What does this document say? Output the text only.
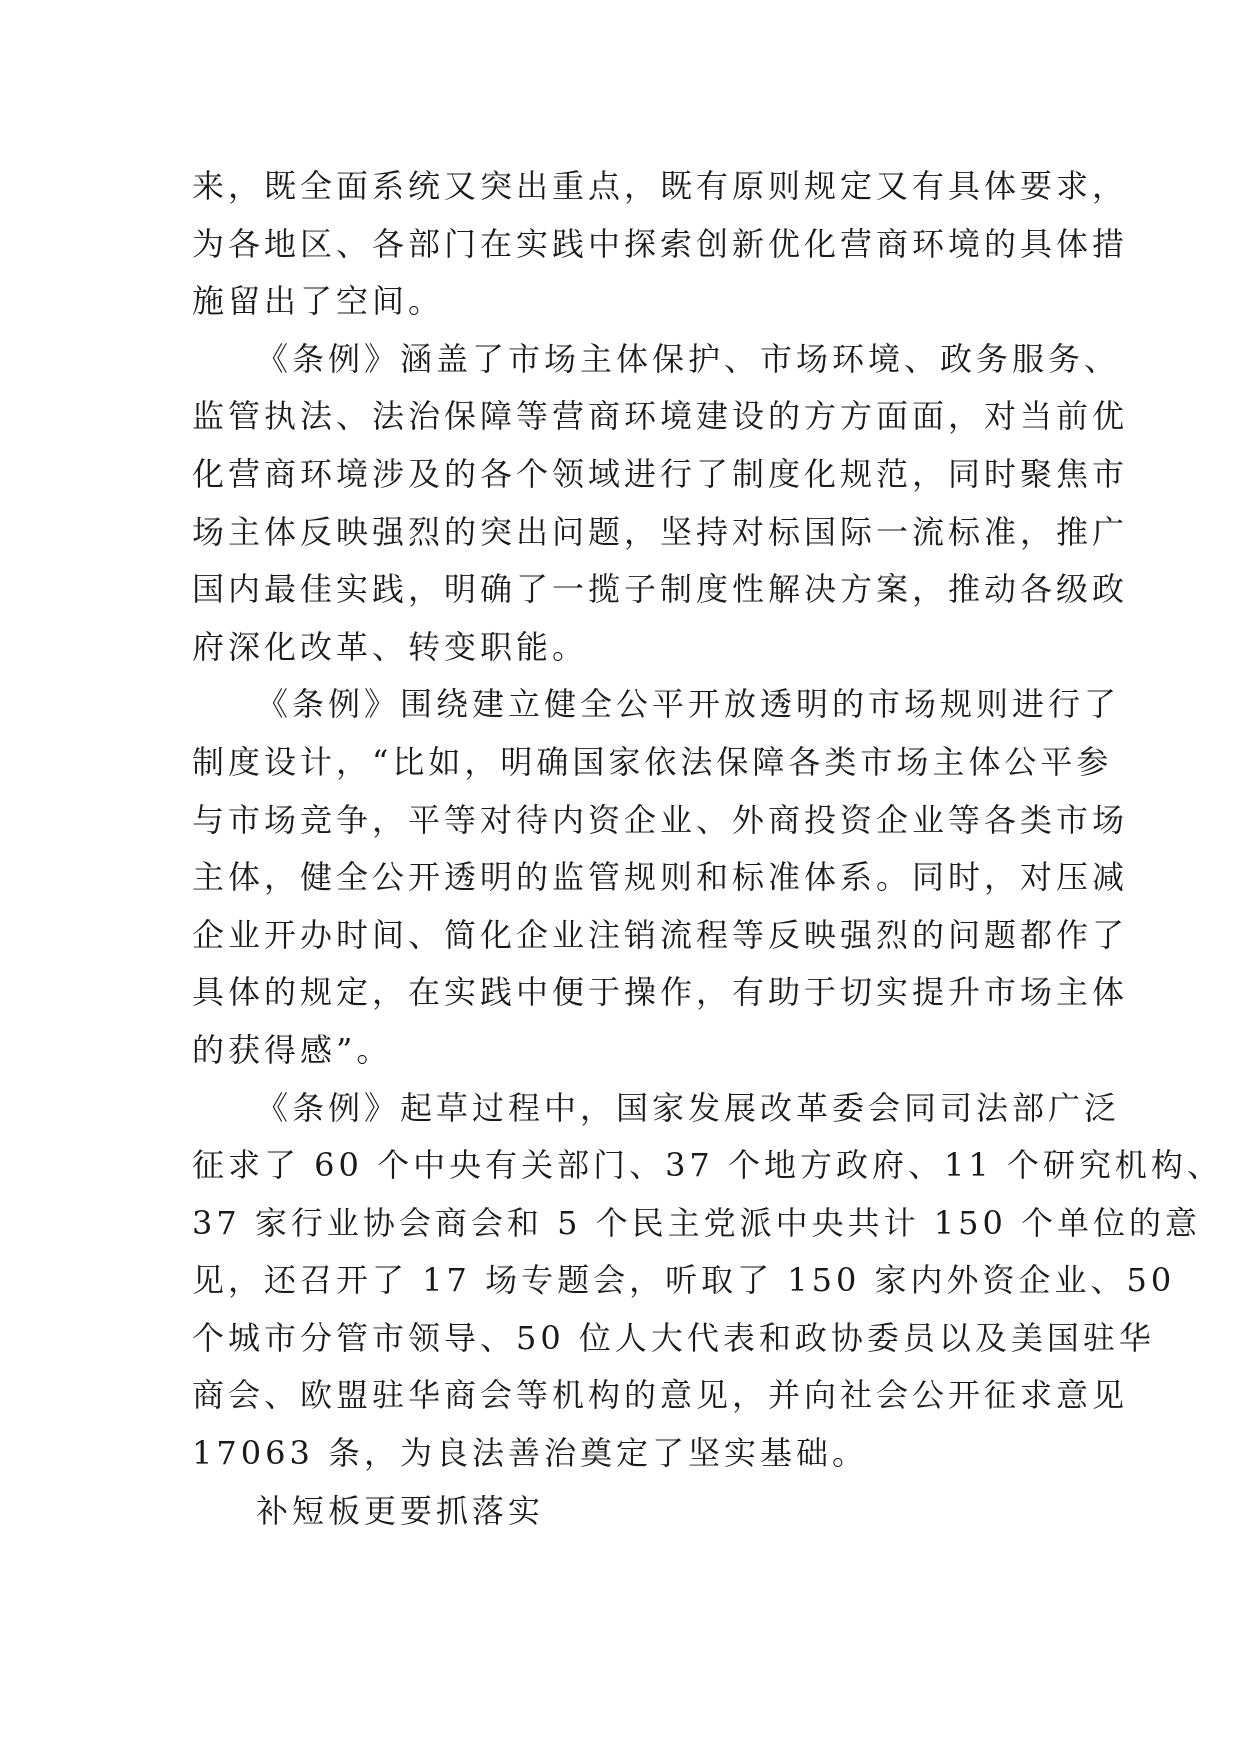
来，既全面系统又突出重点，既有原则规定又有具体要求，
为各地区、各部门在实践中探索创新优化营商环境的具体措
施留出了空间。
《条例》涵盖了市场主体保护、市场环境、政务服务、
监管执法、法治保障等营商环境建设的方方面面，对当前优
化营商环境涉及的各个领域进行了制度化规范，同时聚焦市
场主体反映强烈的突出问题，坚持对标国际一流标准，推广
国内最佳实践，明确了一揽子制度性解决方案，推动各级政
府深化改革、转变职能。
《条例》围绕建立健全公平开放透明的市场规则进行了
制度设计，“比如，明确国家依法保障各类市场主体公平参
与市场竞争，平等对待内资企业、外商投资企业等各类市场
主体，健全公开透明的监管规则和标准体系。同时，对压减
企业开办时间、简化企业注销流程等反映强烈的问题都作了
具体的规定，在实践中便于操作，有助于切实提升市场主体
的获得感”。
《条例》起草过程中，国家发展改革委会同司法部广泛
征求了 60 个中央有关部门、37 个地方政府、11 个研究机构、
37 家行业协会商会和 5 个民主党派中央共计 150 个单位的意
见，还召开了 17 场专题会，听取了 150 家内外资企业、50
个城市分管市领导、50 位人大代表和政协委员以及美国驻华
商会、欧盟驻华商会等机构的意见，并向社会公开征求意见
17063 条，为良法善治奠定了坚实基础。
补短板更要抓落实
